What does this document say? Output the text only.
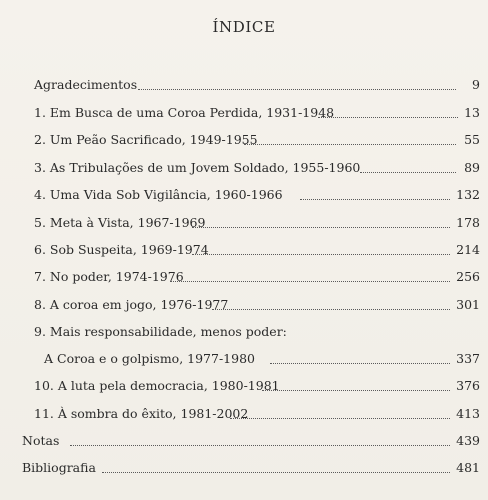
ÍNDICE
Agradecimentos	9
1. Em Busca de uma Coroa Perdida, 1931-1948	13
2. Um Peão Sacrificado, 1949-1955	55
3. As Tribulações de um Jovem Soldado, 1955-1960	89
4. Uma Vida Sob Vigilância, 1960-1966	132
5. Meta à Vista, 1967-1969	178
6. Sob Suspeita, 1969-1974	214
7. No poder, 1974-1976	256
8. A coroa em jogo, 1976-1977	301
9. Mais responsabilidade, menos poder:
A Coroa e o golpismo, 1977-1980	337
10. A luta pela democracia, 1980-1981	376
11. À sombra do êxito, 1981-2002	413
Notas	439
Bibliografia	481
